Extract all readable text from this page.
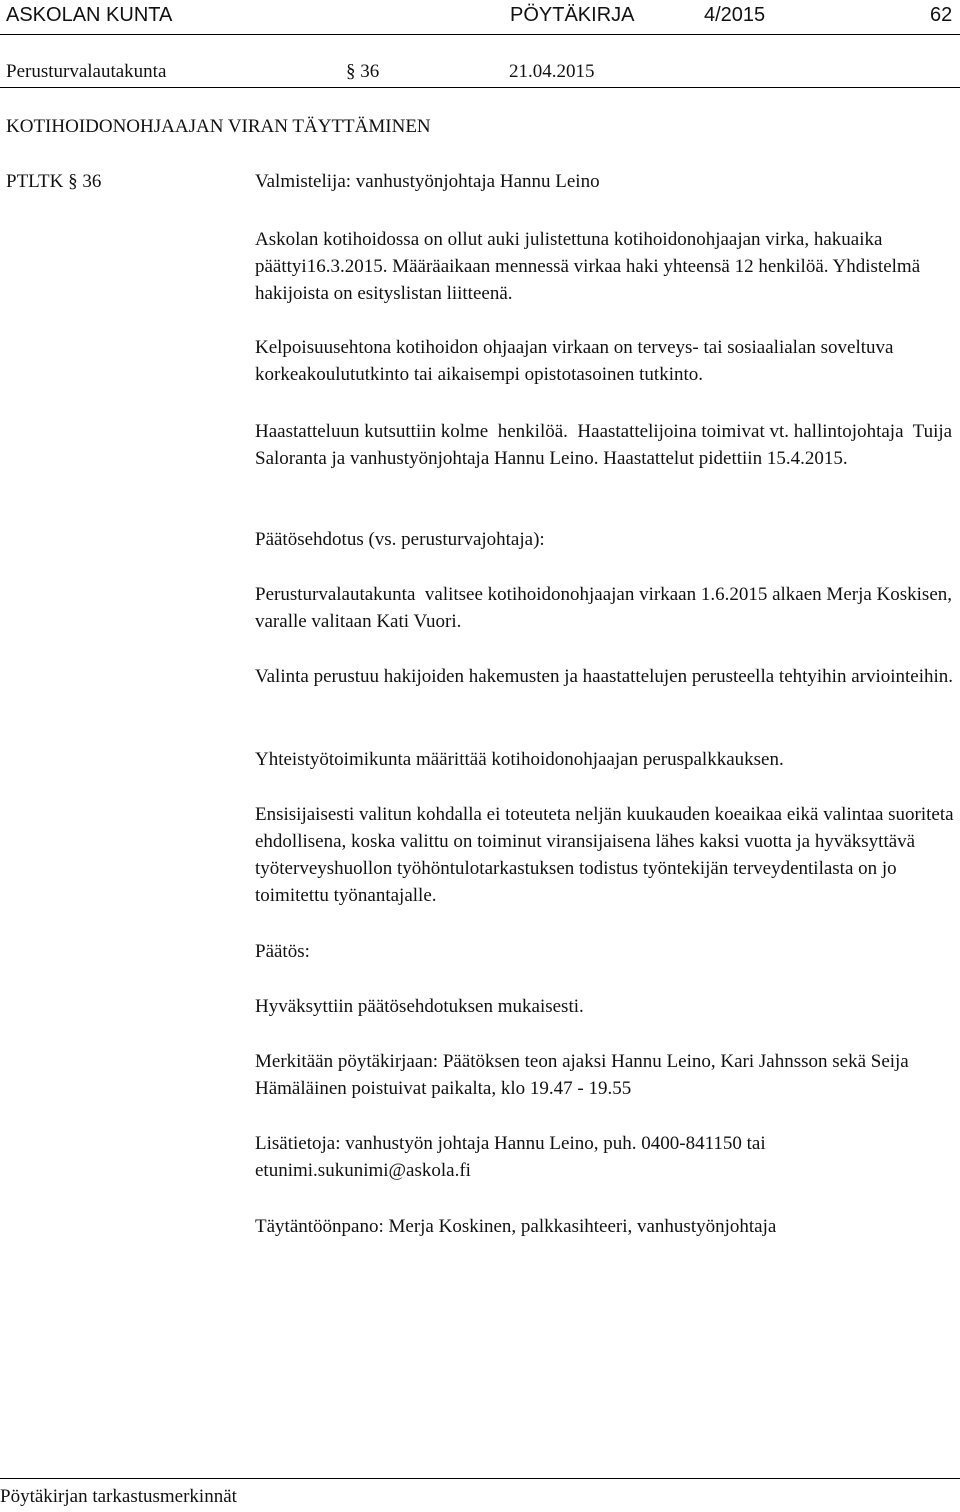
ASKOLAN KUNTA	PÖYTÄKIRJA	4/2015	62
Perusturvalautakunta	§ 36	21.04.2015
KOTIHOIDONOHJAAJAN VIRAN TÄYTTÄMINEN
PTLTK § 36	Valmistelija: vanhustyönjohtaja Hannu Leino
Askolan kotihoidossa on ollut auki julistettuna kotihoidonohjaajan virka, hakuaika päättyi16.3.2015. Määräaikaan mennessä virkaa haki yhteensä 12 henkilöä. Yhdistelmä hakijoista on esityslistan liitteenä.
Kelpoisuusehtona kotihoidon ohjaajan virkaan on terveys- tai sosiaalialan soveltuva korkeakoulututkinto tai aikaisempi opistotasoinen tutkinto.
Haastatteluun kutsuttiin kolme  henkilöä.  Haastattelijoina toimivat vt. hallintojohtaja  Tuija Saloranta ja vanhustyönjohtaja Hannu Leino. Haastattelut pidettiin 15.4.2015.
Päätösehdotus (vs. perusturvajohtaja):
Perusturvalautakunta  valitsee kotihoidonohjaajan virkaan 1.6.2015 alkaen Merja Koskisen, varalle valitaan Kati Vuori.
Valinta perustuu hakijoiden hakemusten ja haastattelujen perusteella tehtyihin arviointeihin.
Yhteistyötoimikunta määrittää kotihoidonohjaajan peruspalkkauksen.
Ensisijaisesti valitun kohdalla ei toteuteta neljän kuukauden koeaikaa eikä valintaa suoriteta ehdollisena, koska valittu on toiminut viransijaisena lähes kaksi vuotta ja hyväksyttävä työterveyshuollon työhöntulotarkastuksen todistus työntekijän terveydentilasta on jo toimitettu työnantajalle.
Päätös:
Hyväksyttiin päätösehdotuksen mukaisesti.
Merkitään pöytäkirjaan: Päätöksen teon ajaksi Hannu Leino, Kari Jahnsson sekä Seija Hämäläinen poistuivat paikalta, klo 19.47 - 19.55
Lisätietoja: vanhustyön johtaja Hannu Leino, puh. 0400-841150 tai etunimi.sukunimi@askola.fi
Täytäntöönpano: Merja Koskinen, palkkasihteeri, vanhustyönjohtaja
Pöytäkirjan tarkastusmerkinnät
